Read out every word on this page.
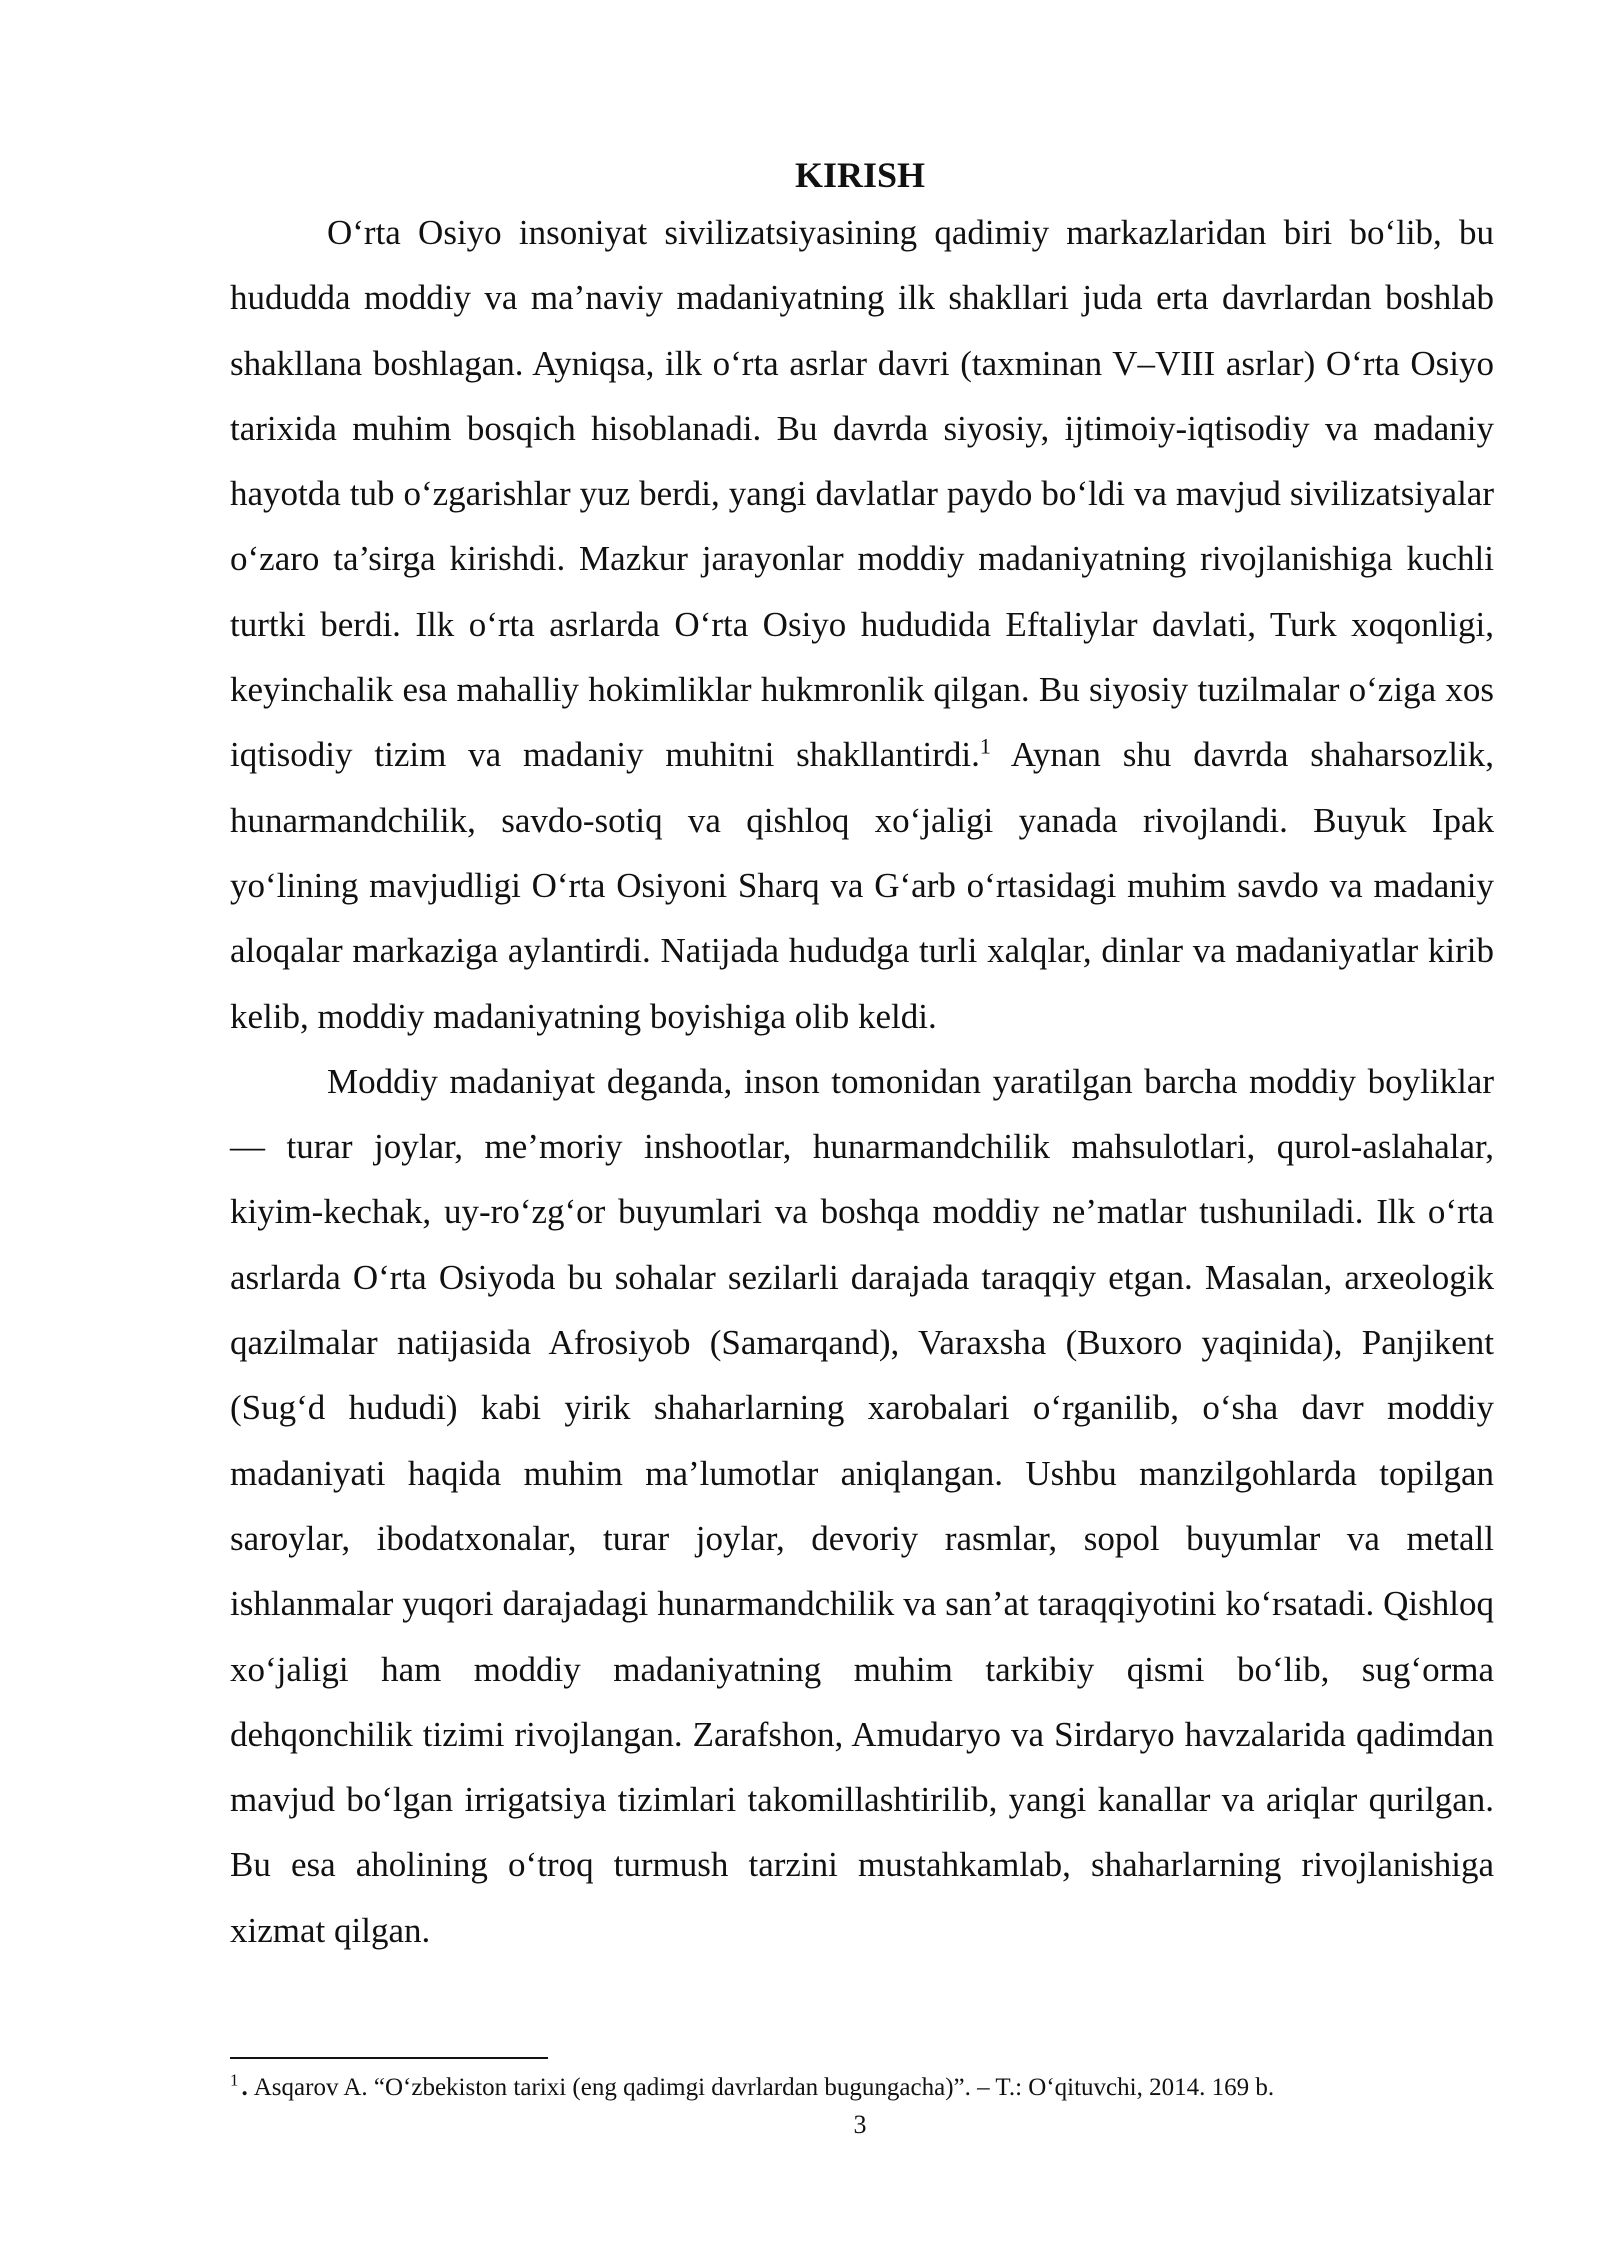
KIRISH

O‘rta Osiyo insoniyat sivilizatsiyasining qadimiy markazlaridan biri bo‘lib, bu hududda moddiy va ma’naviy madaniyatning ilk shakllari juda erta davrlardan boshlab shakllana boshlagan. Ayniqsa, ilk o‘rta asrlar davri (taxminan V–VIII asrlar) O‘rta Osiyo tarixida muhim bosqich hisoblanadi. Bu davrda siyosiy, ijtimoiy-iqtisodiy va madaniy hayotda tub o‘zgarishlar yuz berdi, yangi davlatlar paydo bo‘ldi va mavjud sivilizatsiyalar o‘zaro ta’sirga kirishdi. Mazkur jarayonlar moddiy madaniyatning rivojlanishiga kuchli turtki berdi. Ilk o‘rta asrlarda O‘rta Osiyo hududida Eftaliylar davlati, Turk xoqonligi, keyinchalik esa mahalliy hokimliklar hukmronlik qilgan. Bu siyosiy tuzilmalar o‘ziga xos iqtisodiy tizim va madaniy muhitni shakllantirdi.$^1$ Aynan shu davrda shaharsozlik, hunarmandchilik, savdo-sotiq va qishloq xo‘jaligi yanada rivojlandi. Buyuk Ipak yo‘lining mavjudligi O‘rta Osiyoni Sharq va G‘arb o‘rtasidagi muhim savdo va madaniy aloqalar markaziga aylantirdi. Natijada hududga turli xalqlar, dinlar va madaniyatlar kirib kelib, moddiy madaniyatning boyishiga olib keldi.

Moddiy madaniyat deganda, inson tomonidan yaratilgan barcha moddiy boyliklar — turar joylar, me’moriy inshootlar, hunarmandchilik mahsulotlari, qurol-aslahalar, kiyim-kechak, uy-ro‘zg‘or buyumlari va boshqa moddiy ne’matlar tushuniladi. Ilk o‘rta asrlarda O‘rta Osiyoda bu sohalar sezilarli darajada taraqqiy etgan. Masalan, arxeologik qazilmalar natijasida Afrosiyob (Samarqand), Varaxsha (Buxoro yaqinida), Panjikent (Sug‘d hududi) kabi yirik shaharlarning xarobalari o‘rganilib, o‘sha davr moddiy madaniyati haqida muhim ma’lumotlar aniqlangan. Ushbu manzilgohlarda topilgan saroylar, ibodatxonalar, turar joylar, devoriy rasmlar, sopol buyumlar va metall ishlanmalar yuqori darajadagi hunarmandchilik va san’at taraqqiyotini ko‘rsatadi. Qishloq xo‘jaligi ham moddiy madaniyatning muhim tarkibiy qismi bo‘lib, sug‘orma dehqonchilik tizimi rivojlangan. Zarafshon, Amudaryo va Sirdaryo havzalarida qadimdan mavjud bo‘lgan irrigatsiya tizimlari takomillashtirilib, yangi kanallar va ariqlar qurilgan. Bu esa aholining o‘troq turmush tarzini mustahkamlab, shaharlarning rivojlanishiga xizmat qilgan.

$^1$ . Asqarov A. “O‘zbekiston tarixi (eng qadimgi davrlardan bugungacha)”. – T.: O‘qituvchi, 2014. 169 b.
3
